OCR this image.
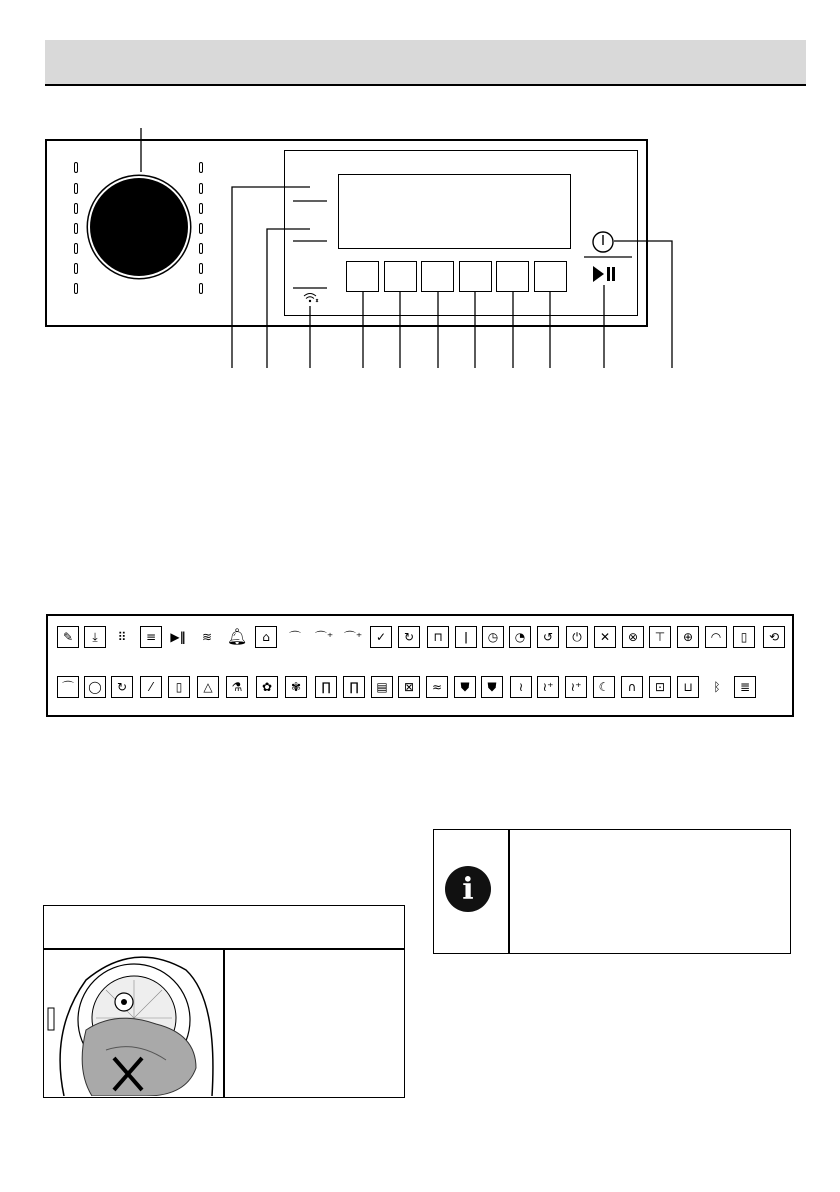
✎	⤓	⠿	≡	▶‖	≋ 🔔︎	⌂	⌒	⌒⁺ ⌒⁺	✓	↻	⊓	ǀ	◷	◔	↺	⏻	✕	⊗	⊤	⊕	◠	▯	⟲
⌒	◯	↻	⁄	▯	△	⚗	✿	✾	∏	∏	▤	⊠	≈	⛊	⛊	≀	≀⁺	≀⁺	☾	∩	⊡	⊔	ᛒ	≣
i
